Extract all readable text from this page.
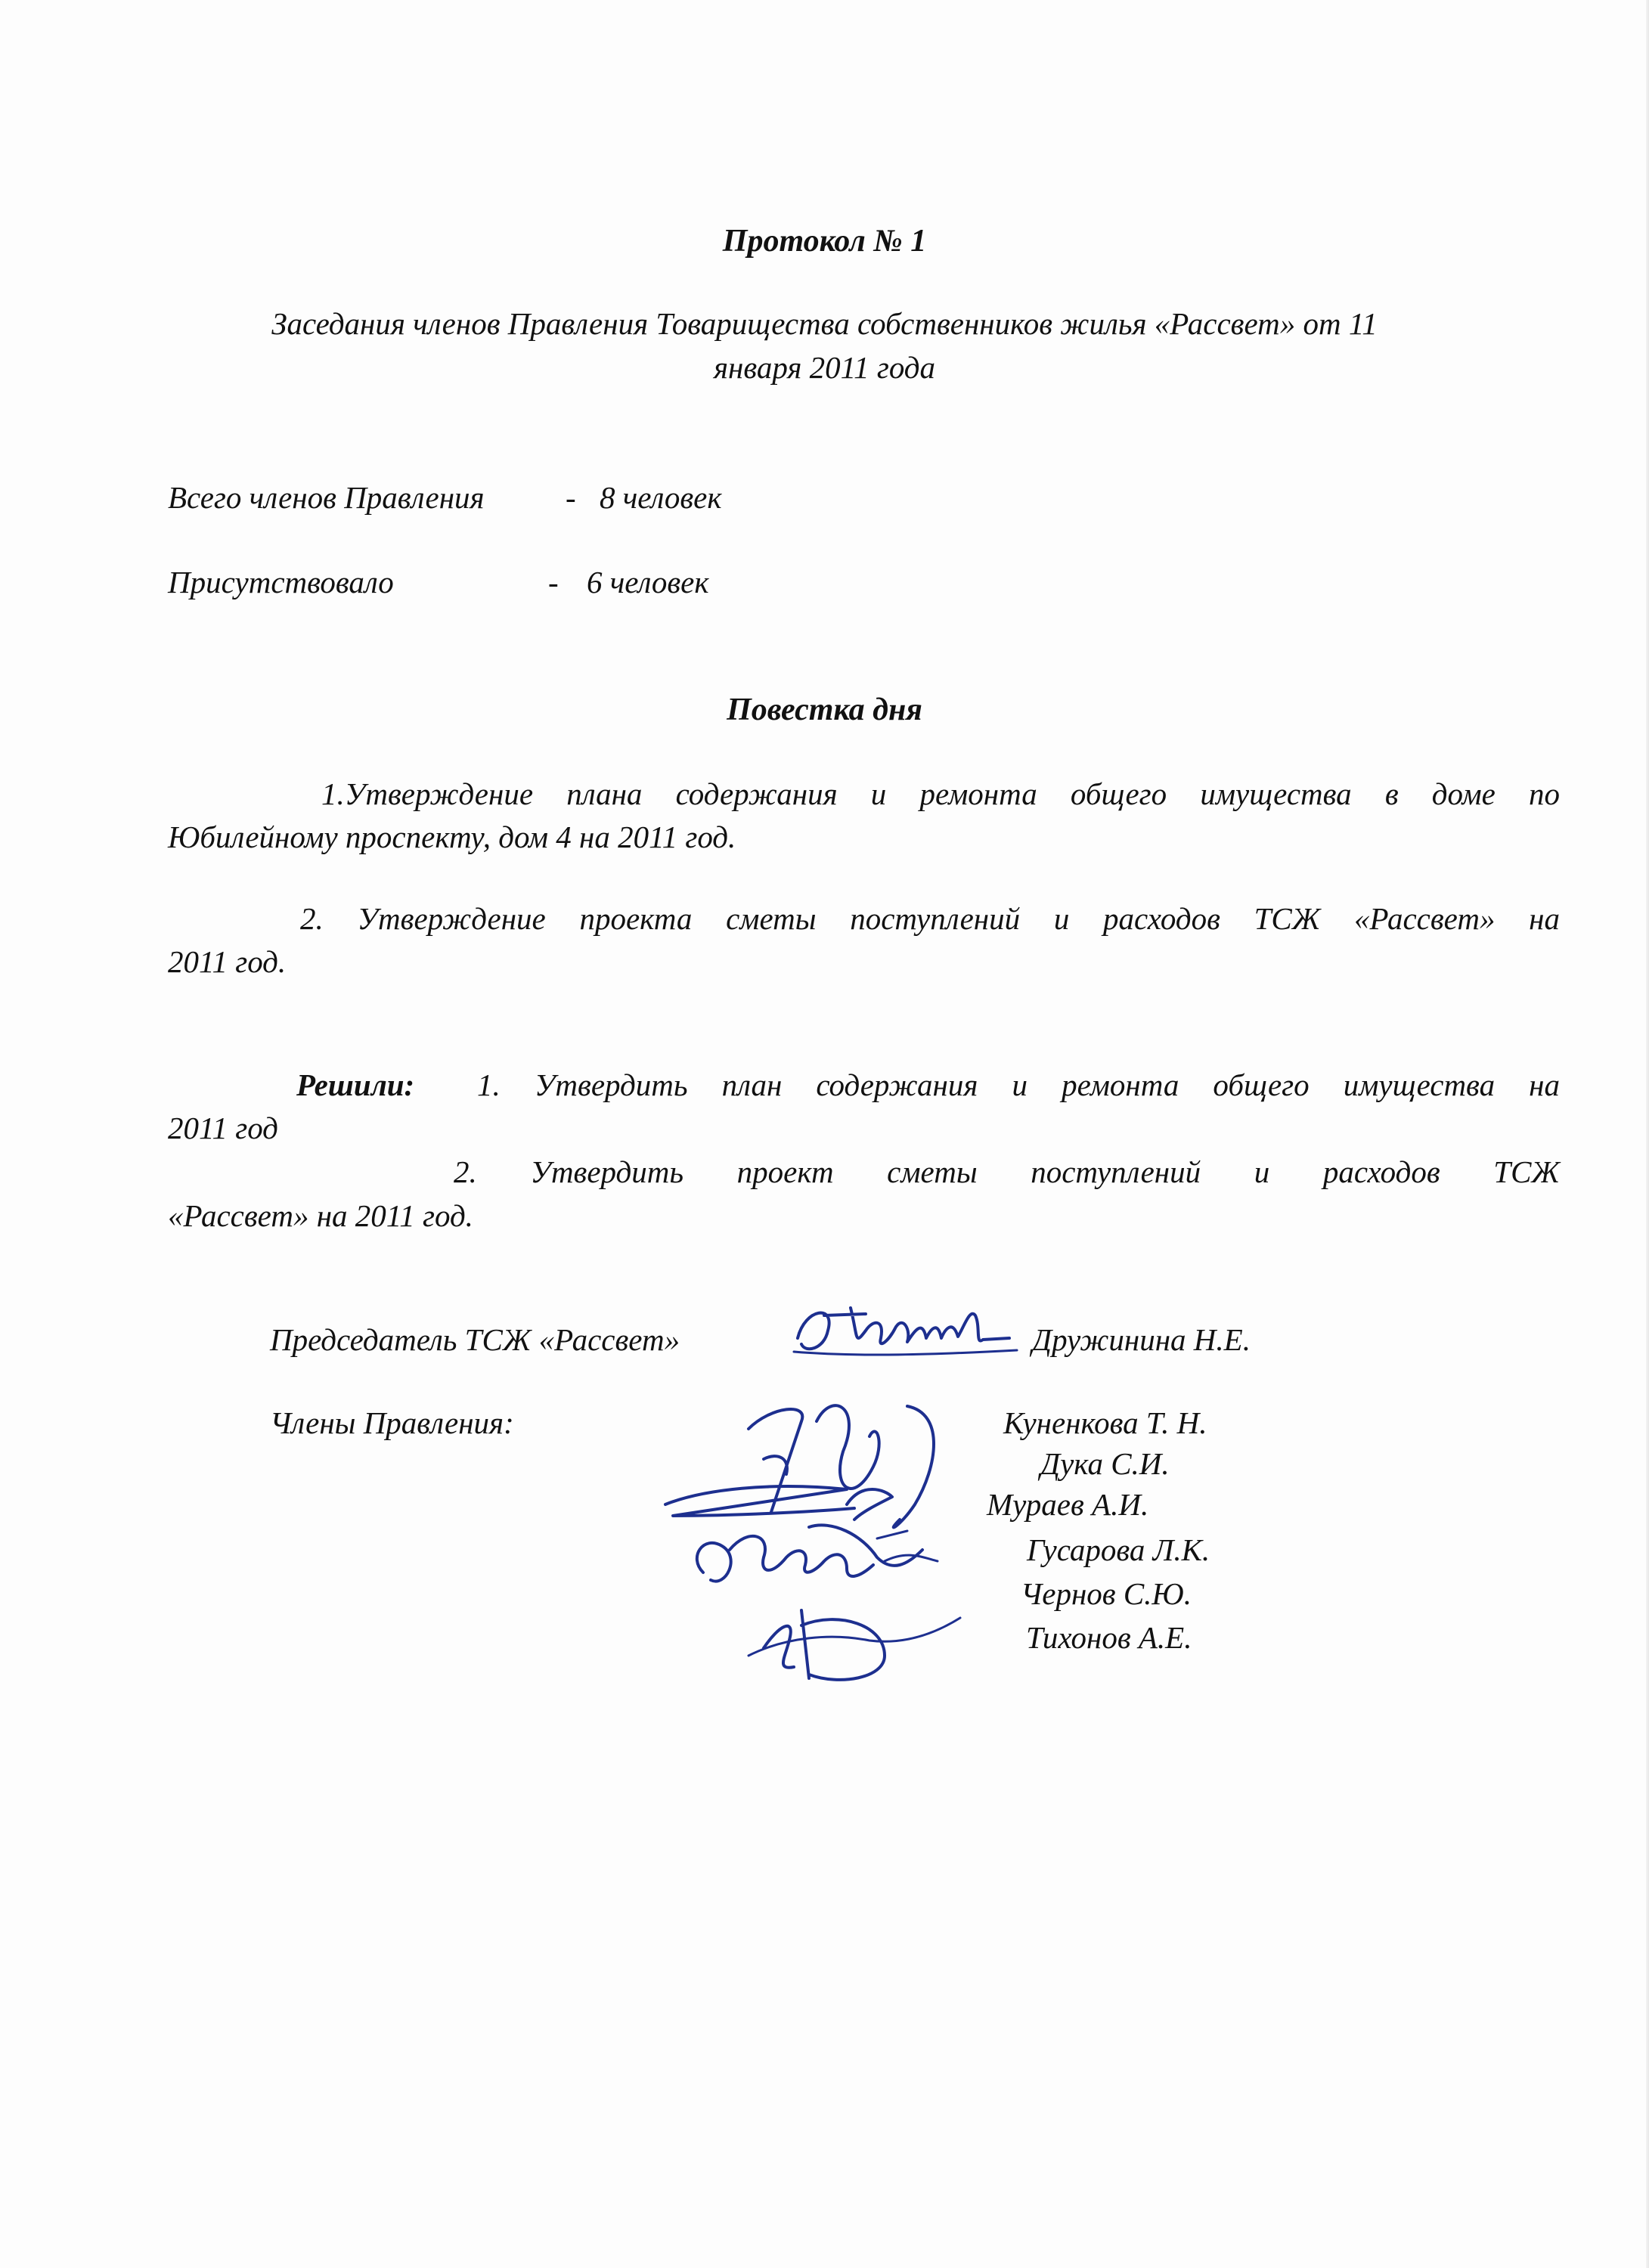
Протокол № 1
Заседания членов Правления Товарищества собственников жилья «Рассвет» от 11
января 2011 года
Всего членов Правления	- 8 человек
Присутствовало	- 6 человек
Повестка дня
1.Утверждение плана содержания и ремонта общего имущества в доме по
Юбилейному проспекту, дом 4 на 2011 год.
2. Утверждение проекта сметы поступлений и расходов ТСЖ «Рассвет» на
2011 год.
Решили: 1. Утвердить план содержания и ремонта общего имущества на
2011 год
2. Утвердить проект сметы поступлений и расходов ТСЖ
«Рассвет» на 2011 год.
Председатель ТСЖ «Рассвет»	Дружинина Н.Е.
Члены Правления:	Куненкова Т. Н.
Дука С.И.
Мураев А.И.
Гусарова Л.К.
Чернов С.Ю.
Тихонов А.Е.
